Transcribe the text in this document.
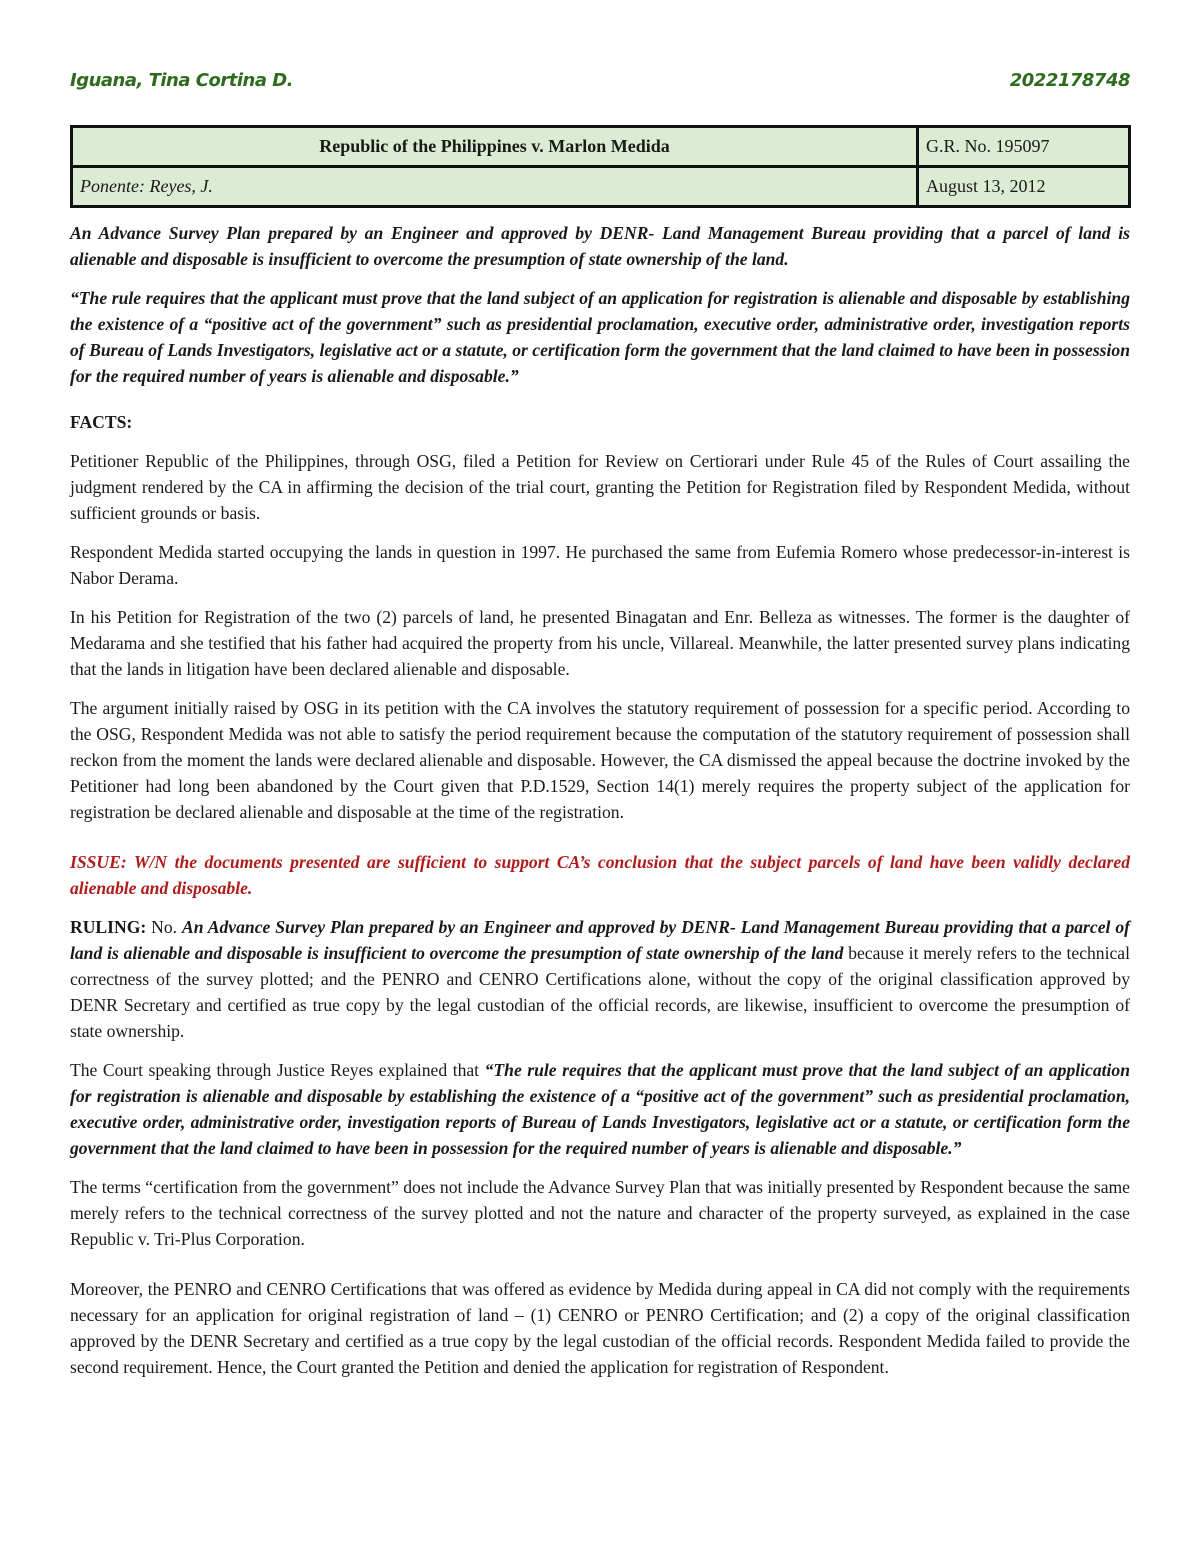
Iguana, Tina Cortina D.	2022178748
Republic of the Philippines v. Marlon Medida	G.R. No. 195097
Ponente: Reyes, J.	August 13, 2012

An Advance Survey Plan prepared by an Engineer and approved by DENR- Land Management Bureau providing that a parcel of land is alienable and disposable is insufficient to overcome the presumption of state ownership of the land.

“The rule requires that the applicant must prove that the land subject of an application for registration is alienable and disposable by establishing the existence of a “positive act of the government” such as presidential proclamation, executive order, administrative order, investigation reports of Bureau of Lands Investigators, legislative act or a statute, or certification form the government that the land claimed to have been in possession for the required number of years is alienable and disposable.”

FACTS:

Petitioner Republic of the Philippines, through OSG, filed a Petition for Review on Certiorari under Rule 45 of the Rules of Court assailing the judgment rendered by the CA in affirming the decision of the trial court, granting the Petition for Registration filed by Respondent Medida, without sufficient grounds or basis.

Respondent Medida started occupying the lands in question in 1997. He purchased the same from Eufemia Romero whose predecessor-in-interest is Nabor Derama.

In his Petition for Registration of the two (2) parcels of land, he presented Binagatan and Enr. Belleza as witnesses. The former is the daughter of Medarama and she testified that his father had acquired the property from his uncle, Villareal. Meanwhile, the latter presented survey plans indicating that the lands in litigation have been declared alienable and disposable.

The argument initially raised by OSG in its petition with the CA involves the statutory requirement of possession for a specific period. According to the OSG, Respondent Medida was not able to satisfy the period requirement because the computation of the statutory requirement of possession shall reckon from the moment the lands were declared alienable and disposable. However, the CA dismissed the appeal because the doctrine invoked by the Petitioner had long been abandoned by the Court given that P.D.1529, Section 14(1) merely requires the property subject of the application for registration be declared alienable and disposable at the time of the registration.

ISSUE: W/N the documents presented are sufficient to support CA’s conclusion that the subject parcels of land have been validly declared alienable and disposable.

RULING: No. An Advance Survey Plan prepared by an Engineer and approved by DENR- Land Management Bureau providing that a parcel of land is alienable and disposable is insufficient to overcome the presumption of state ownership of the land because it merely refers to the technical correctness of the survey plotted; and the PENRO and CENRO Certifications alone, without the copy of the original classification approved by DENR Secretary and certified as true copy by the legal custodian of the official records, are likewise, insufficient to overcome the presumption of state ownership.

The Court speaking through Justice Reyes explained that “The rule requires that the applicant must prove that the land subject of an application for registration is alienable and disposable by establishing the existence of a “positive act of the government” such as presidential proclamation, executive order, administrative order, investigation reports of Bureau of Lands Investigators, legislative act or a statute, or certification form the government that the land claimed to have been in possession for the required number of years is alienable and disposable.”

The terms “certification from the government” does not include the Advance Survey Plan that was initially presented by Respondent because the same merely refers to the technical correctness of the survey plotted and not the nature and character of the property surveyed, as explained in the case Republic v. Tri-Plus Corporation.

Moreover, the PENRO and CENRO Certifications that was offered as evidence by Medida during appeal in CA did not comply with the requirements necessary for an application for original registration of land – (1) CENRO or PENRO Certification; and (2) a copy of the original classification approved by the DENR Secretary and certified as a true copy by the legal custodian of the official records. Respondent Medida failed to provide the second requirement. Hence, the Court granted the Petition and denied the application for registration of Respondent.
